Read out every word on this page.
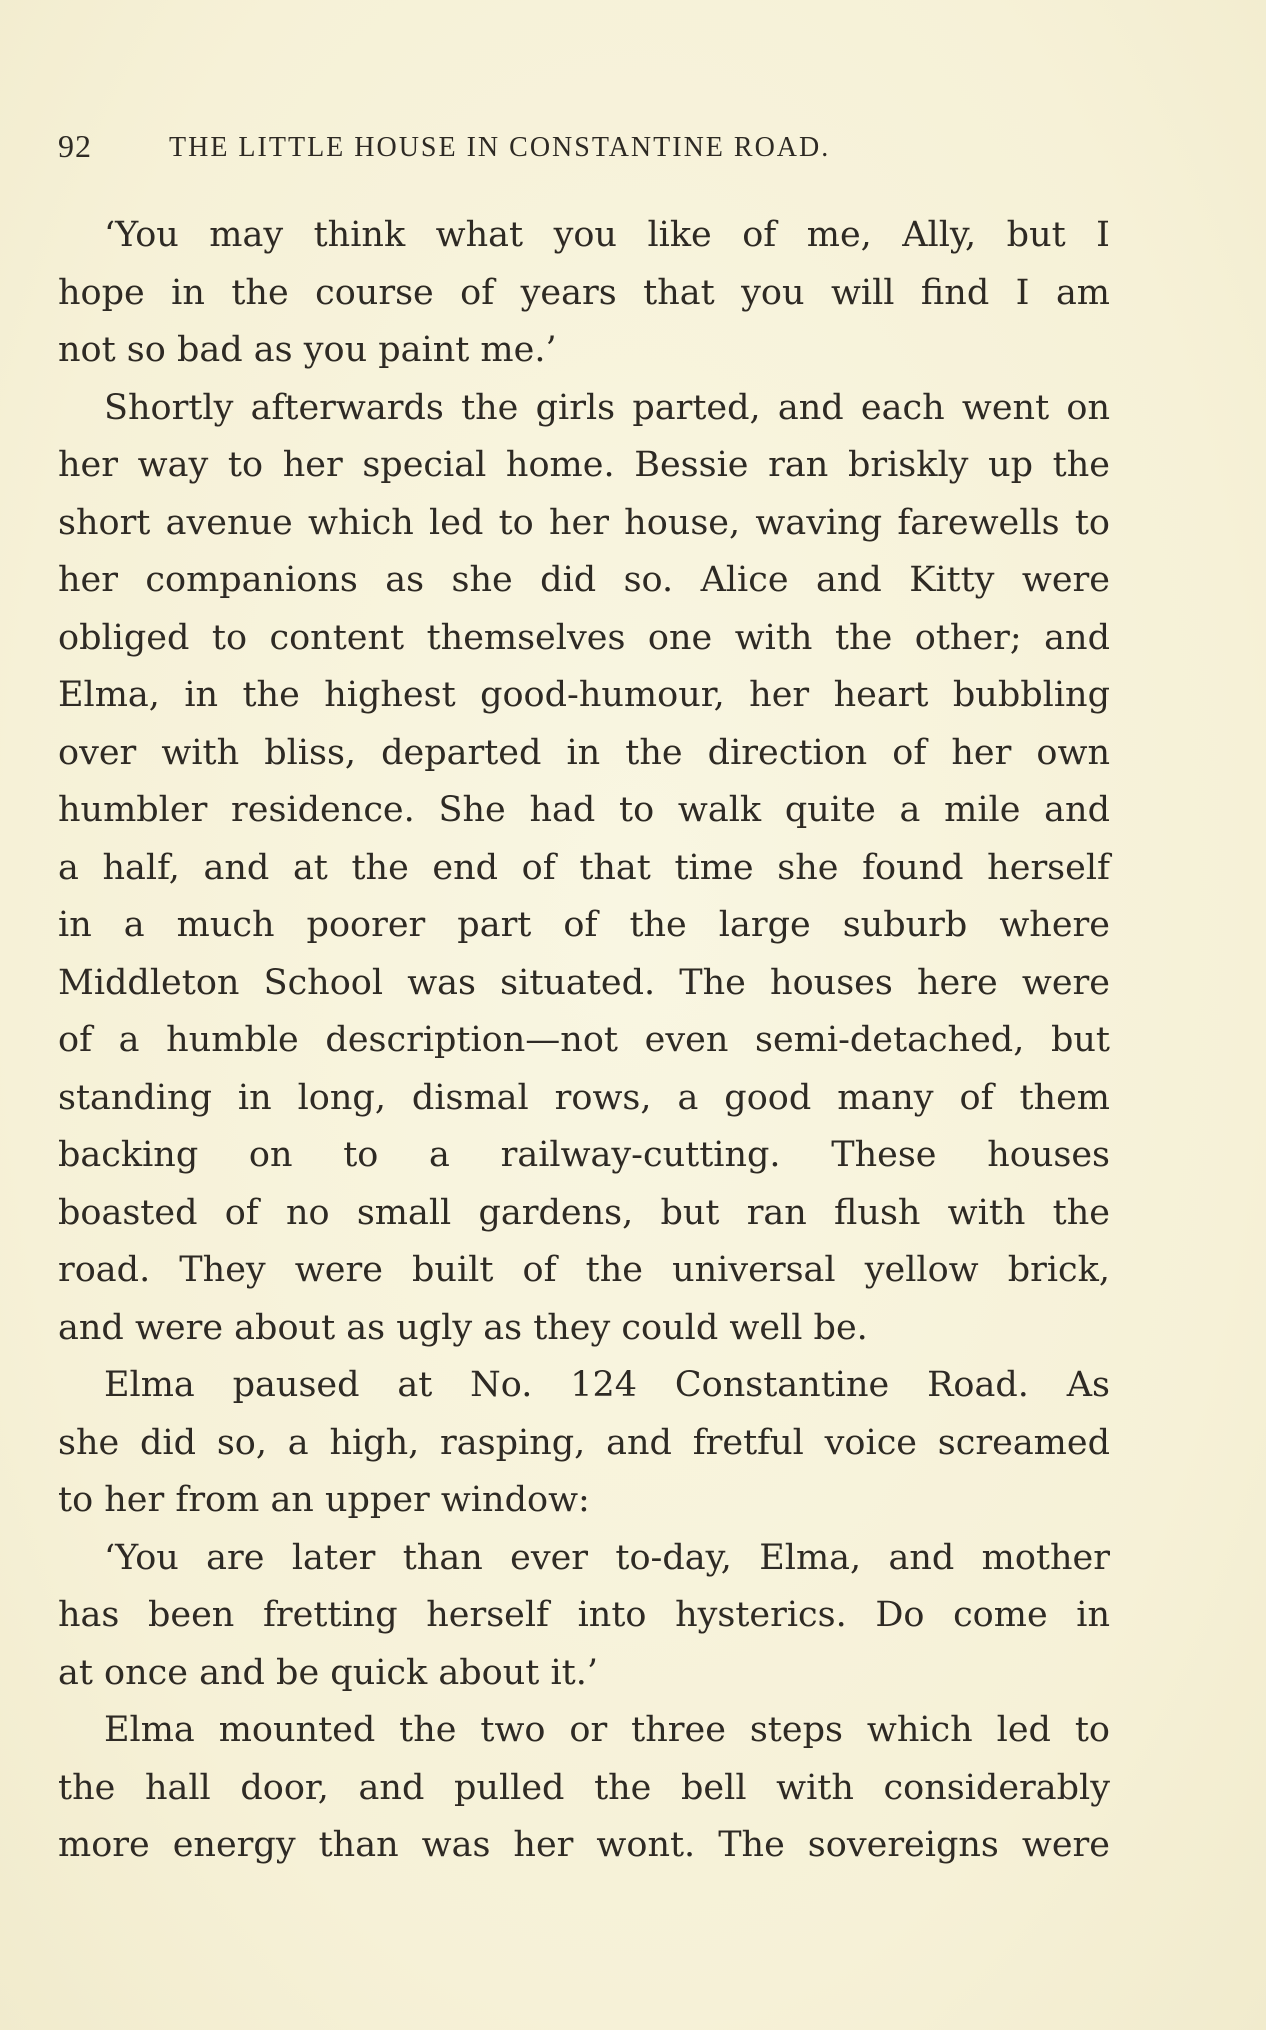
92	THE LITTLE HOUSE IN CONSTANTINE ROAD.
‘You may think what you like of me, Ally, but I
hope in the course of years that you will find I am
not so bad as you paint me.’
Shortly afterwards the girls parted, and each went on
her way to her special home. Bessie ran briskly up the
short avenue which led to her house, waving farewells to
her companions as she did so. Alice and Kitty were
obliged to content themselves one with the other; and
Elma, in the highest good-humour, her heart bubbling
over with bliss, departed in the direction of her own
humbler residence. She had to walk quite a mile and
a half, and at the end of that time she found herself
in a much poorer part of the large suburb where
Middleton School was situated. The houses here were
of a humble description—not even semi-detached, but
standing in long, dismal rows, a good many of them
backing on to a railway-cutting. These houses
boasted of no small gardens, but ran flush with the
road. They were built of the universal yellow brick,
and were about as ugly as they could well be.
Elma paused at No. 124 Constantine Road. As
she did so, a high, rasping, and fretful voice screamed
to her from an upper window:
‘You are later than ever to-day, Elma, and mother
has been fretting herself into hysterics. Do come in
at once and be quick about it.’
Elma mounted the two or three steps which led to
the hall door, and pulled the bell with considerably
more energy than was her wont. The sovereigns were
